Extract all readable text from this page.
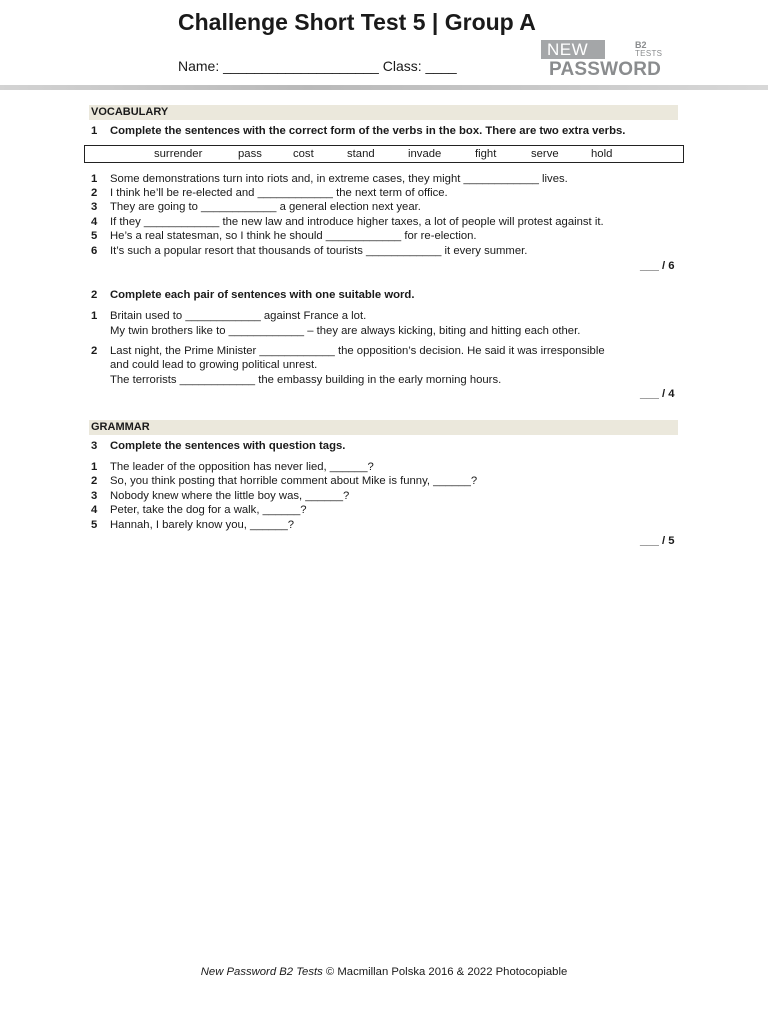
Challenge Short Test 5 | Group A
Name: ____________________ Class: ____
NEW	B2
TESTS
PASSWORD
VOCABULARY
1 Complete the sentences with the correct form of the verbs in the box. There are two extra verbs.
surrender	pass	cost	stand	invade	fight	serve	hold
1 Some demonstrations turn into riots and, in extreme cases, they might ____________ lives.
2 I think he’ll be re-elected and ____________ the next term of office.
3 They are going to ____________ a general election next year.
4 If they ____________ the new law and introduce higher taxes, a lot of people will protest against it.
5 He’s a real statesman, so I think he should ____________ for re-election.
6 It’s such a popular resort that thousands of tourists ____________ it every summer.
___ / 6
2 Complete each pair of sentences with one suitable word.
1 Britain used to ____________ against France a lot.
My twin brothers like to ____________ – they are always kicking, biting and hitting each other.
2 Last night, the Prime Minister ____________ the opposition’s decision. He said it was irresponsible
and could lead to growing political unrest.
The terrorists ____________ the embassy building in the early morning hours.
___ / 4
GRAMMAR
3 Complete the sentences with question tags.
1 The leader of the opposition has never lied, ______?
2 So, you think posting that horrible comment about Mike is funny, ______?
3 Nobody knew where the little boy was, ______?
4 Peter, take the dog for a walk, ______?
5 Hannah, I barely know you, ______?
___ / 5
New Password B2 Tests © Macmillan Polska 2016 & 2022 Photocopiable
